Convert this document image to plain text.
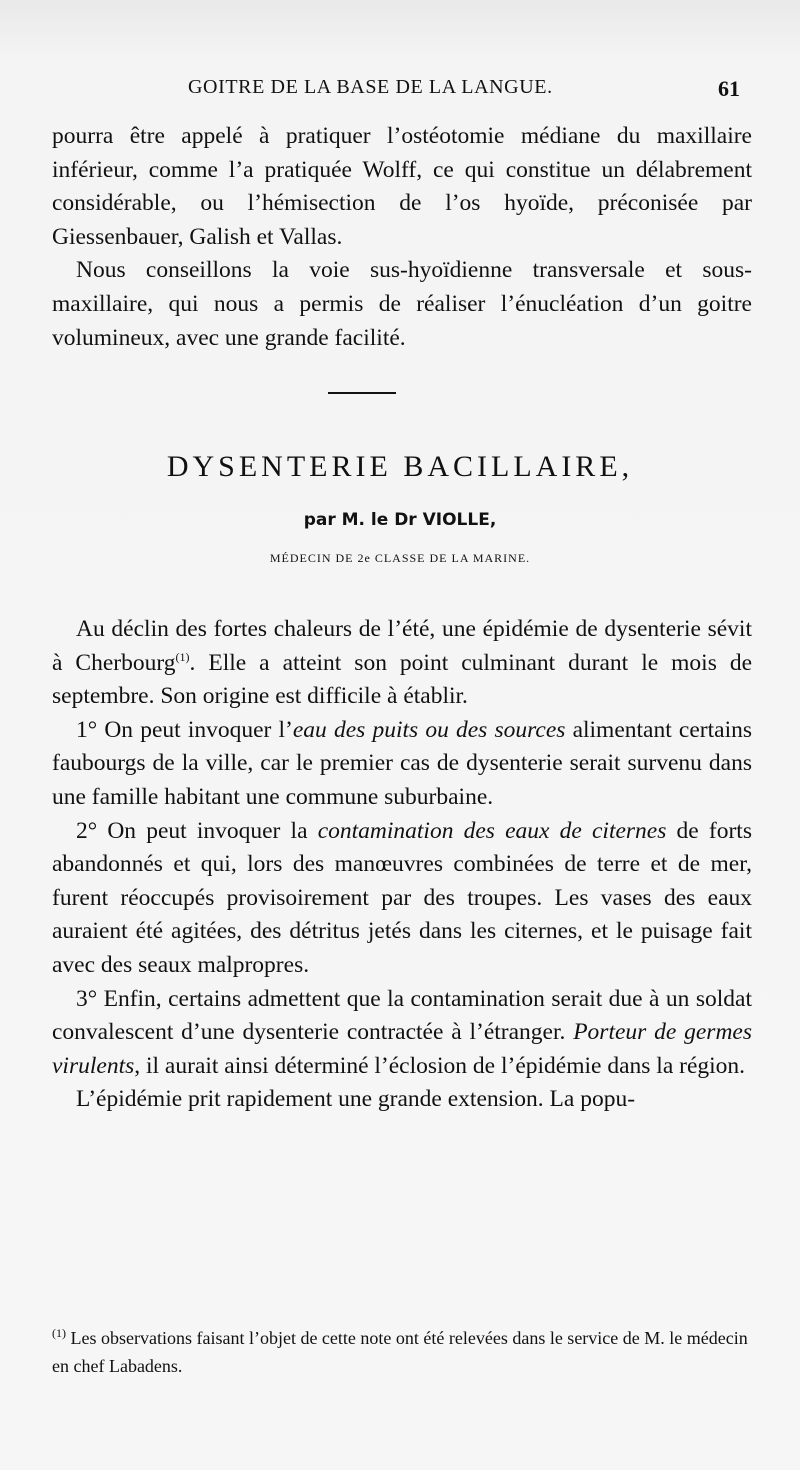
GOITRE DE LA BASE DE LA LANGUE.	61

pourra être appelé à pratiquer l’ostéotomie médiane du maxillaire inférieur, comme l’a pratiquée Wolff, ce qui constitue un délabrement considérable, ou l’hémisection de l’os hyoïde, préconisée par Giessenbauer, Galish et Vallas.

Nous conseillons la voie sus-hyoïdienne transversale et sous-maxillaire, qui nous a permis de réaliser l’énucléation d’un goitre volumineux, avec une grande facilité.

DYSENTERIE BACILLAIRE,
par M. le Dr VIOLLE,
MÉDECIN DE 2e CLASSE DE LA MARINE.

Au déclin des fortes chaleurs de l’été, une épidémie de dysenterie sévit à Cherbourg$^{(1)}$. Elle a atteint son point culminant durant le mois de septembre. Son origine est difficile à établir.

1° On peut invoquer l’eau des puits ou des sources alimentant certains faubourgs de la ville, car le premier cas de dysenterie serait survenu dans une famille habitant une commune suburbaine.

2° On peut invoquer la contamination des eaux de citernes de forts abandonnés et qui, lors des manœuvres combinées de terre et de mer, furent réoccupés provisoirement par des troupes. Les vases des eaux auraient été agitées, des détritus jetés dans les citernes, et le puisage fait avec des seaux malpropres.

3° Enfin, certains admettent que la contamination serait due à un soldat convalescent d’une dysenterie contractée à l’étranger. Porteur de germes virulents, il aurait ainsi déterminé l’éclosion de l’épidémie dans la région.

L’épidémie prit rapidement une grande extension. La popu-

$^{(1)}$ Les observations faisant l’objet de cette note ont été relevées dans le service de M. le médecin en chef Labadens.
